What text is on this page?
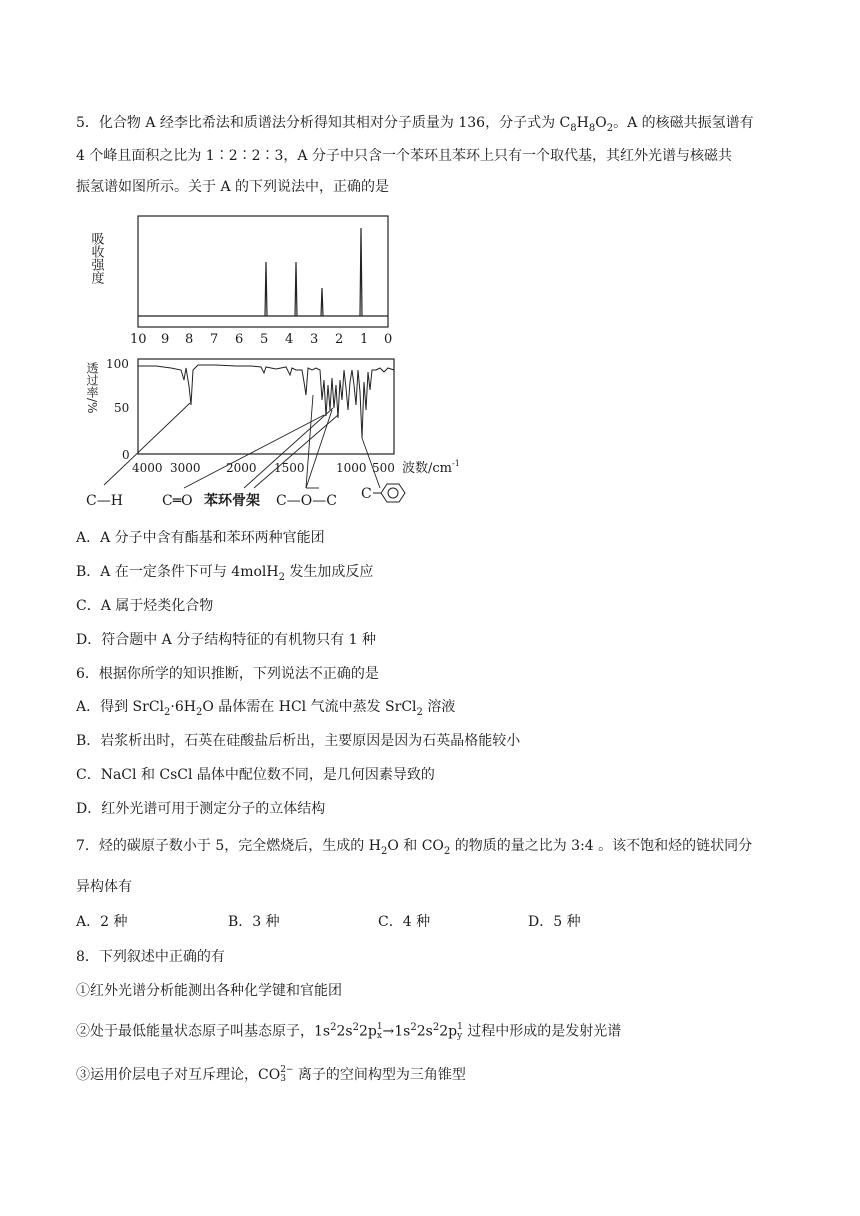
5．化合物 A 经李比希法和质谱法分析得知其相对分子质量为 136，分子式为 $C_8H_8O_2$。A 的核磁共振氢谱有
4 个峰且面积之比为 1∶2∶2∶3，A 分子中只含一个苯环且苯环上只有一个取代基，其红外光谱与核磁共
振氢谱如图所示。关于 A 的下列说法中，正确的是
吸收强度
10 9 8 7 6 5 4 3 2 1 0
透过率/% 100
50
0
4000 3000 2000 1500	1000 500 波数$/cm^{-1}$
C—H	C═O 苯环骨架 C—O—C C
A．A 分子中含有酯基和苯环两种官能团
B．A 在一定条件下可与 4molH$_2$ 发生加成反应
C．A 属于烃类化合物
D．符合题中 A 分子结构特征的有机物只有 1 种
6．根据你所学的知识推断，下列说法不正确的是
A．得到 $SrCl_2\cdot 6H_2O$ 晶体需在 HCl 气流中蒸发 SrCl$_2$ 溶液
B．岩浆析出时，石英在硅酸盐后析出，主要原因是因为石英晶格能较小
C．NaCl 和 CsCl 晶体中配位数不同，是几何因素导致的
D．红外光谱可用于测定分子的立体结构
7．烃的碳原子数小于 5，完全燃烧后，生成的 $H_2O$ 和 $CO_2$ 的物质的量之比为 3:4 。该不饱和烃的链状同分
异构体有
A．2 种	B．3 种	C．4 种	D．5 种
8．下列叙述中正确的有
①红外光谱分析能测出各种化学键和官能团
②处于最低能量状态原子叫基态原子，$1s^22s^22p$ 1
$x \to 1s^22s^22p$ 1
y 过程中形成的是发射光谱
③运用价层电子对互斥理论，CO 2−
3 离子的空间构型为三角锥型
